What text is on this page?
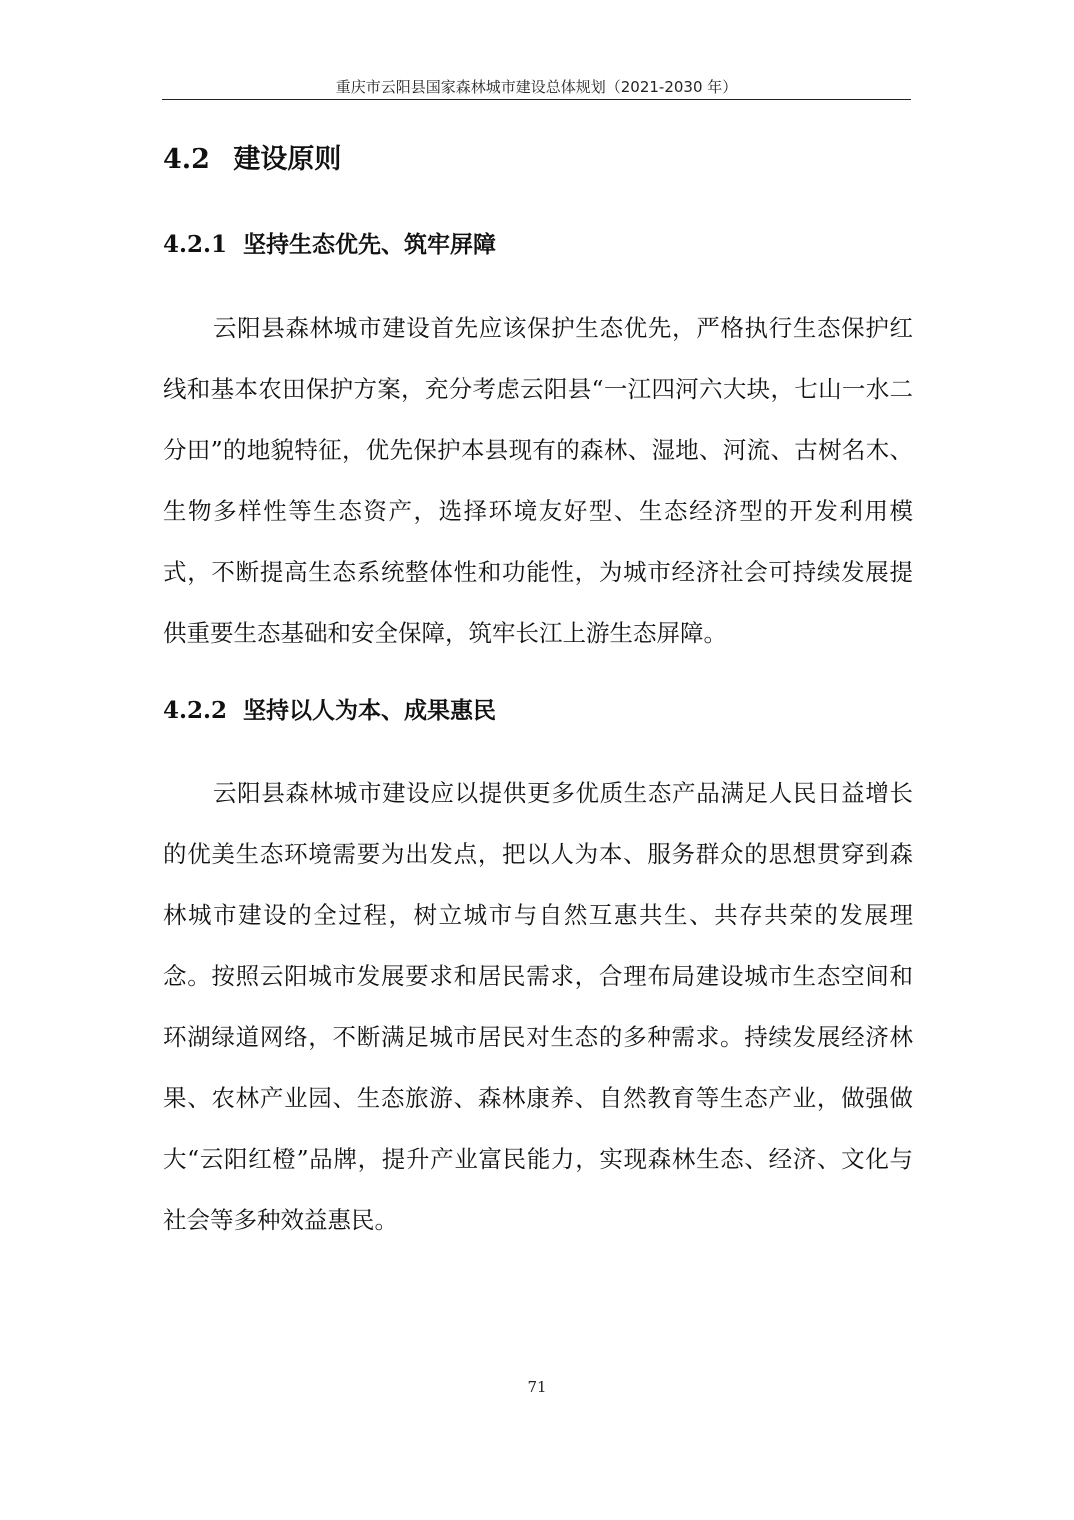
重庆市云阳县国家森林城市建设总体规划（2021-2030 年）
4.2 建设原则
4.2.1 坚持生态优先、筑牢屏障

云阳县森林城市建设首先应该保护生态优先，严格执行生态保护红线和基本农田保护方案，充分考虑云阳县“一江四河六大块，七山一水二分田”的地貌特征，优先保护本县现有的森林、湿地、河流、古树名木、生物多样性等生态资产，选择环境友好型、生态经济型的开发利用模式，不断提高生态系统整体性和功能性，为城市经济社会可持续发展提供重要生态基础和安全保障，筑牢长江上游生态屏障。

4.2.2 坚持以人为本、成果惠民

云阳县森林城市建设应以提供更多优质生态产品满足人民日益增长的优美生态环境需要为出发点，把以人为本、服务群众的思想贯穿到森林城市建设的全过程，树立城市与自然互惠共生、共存共荣的发展理念。按照云阳城市发展要求和居民需求，合理布局建设城市生态空间和环湖绿道网络，不断满足城市居民对生态的多种需求。持续发展经济林果、农林产业园、生态旅游、森林康养、自然教育等生态产业，做强做大“云阳红橙”品牌，提升产业富民能力，实现森林生态、经济、文化与社会等多种效益惠民。

71
